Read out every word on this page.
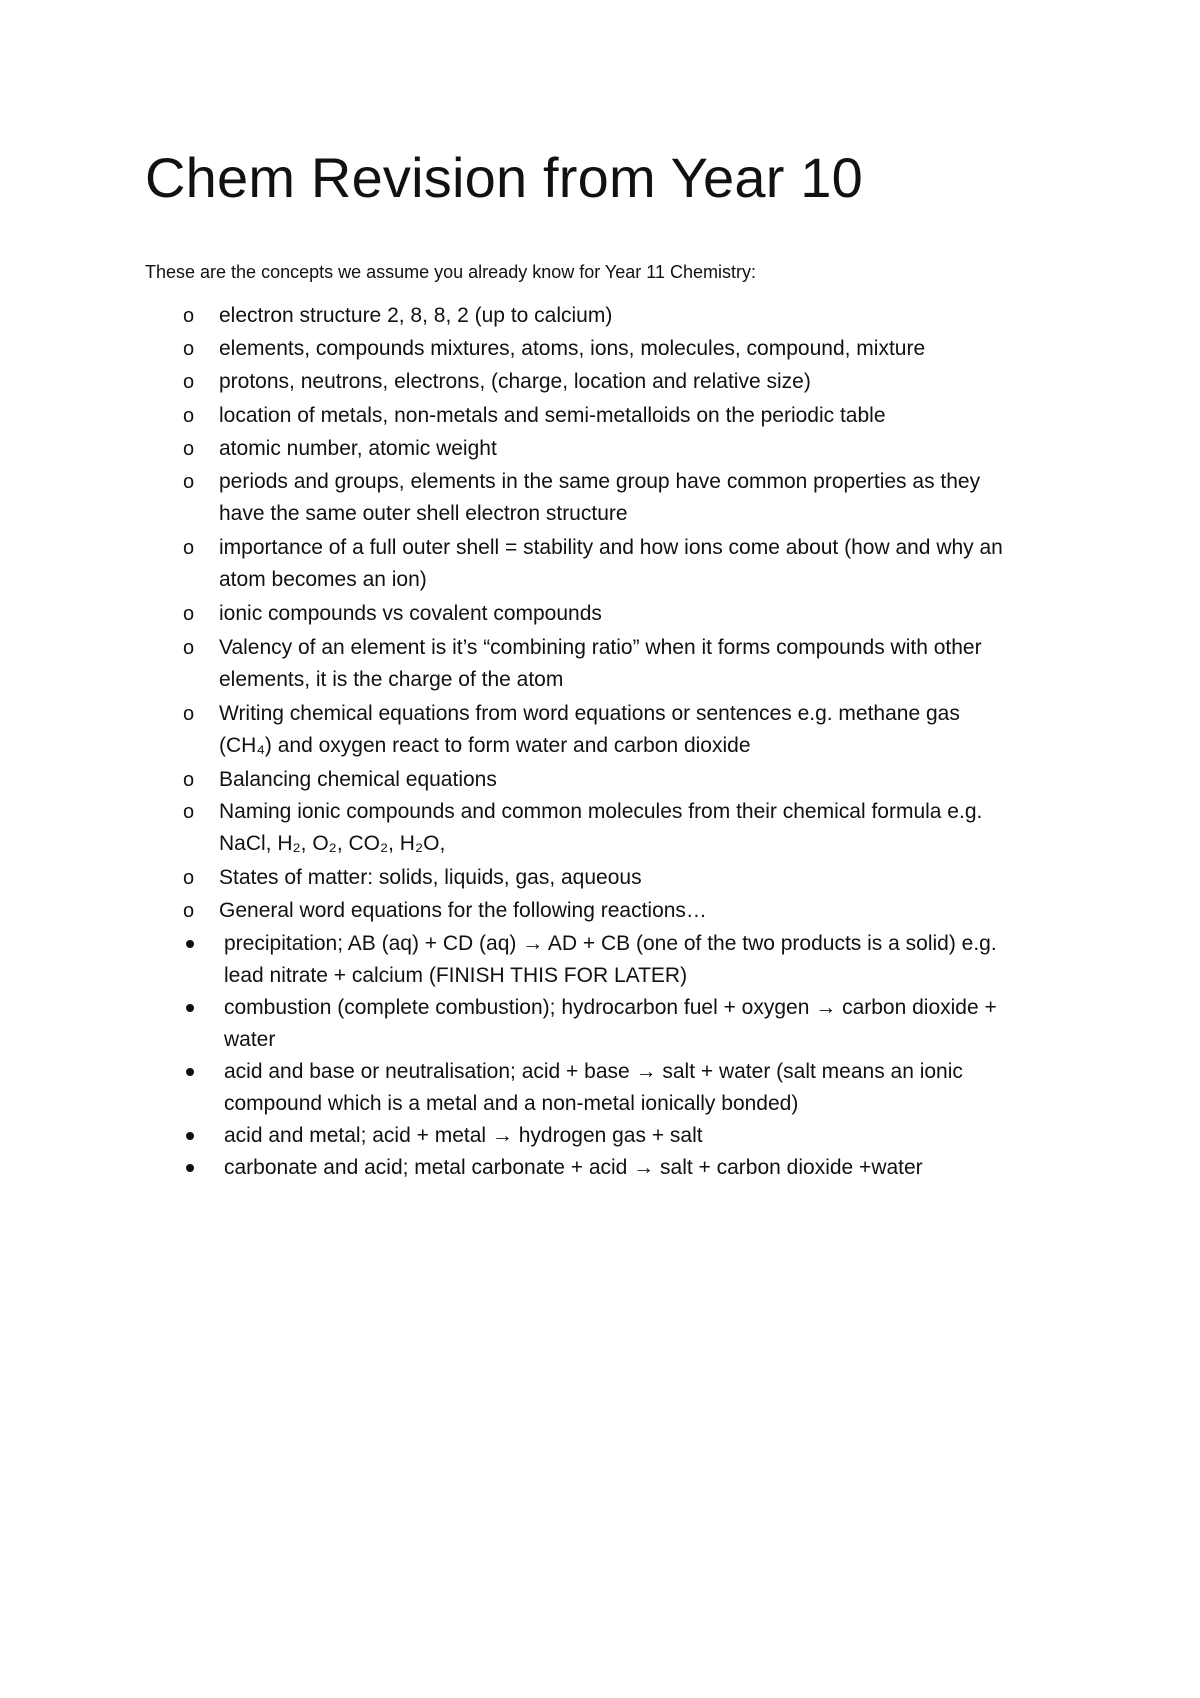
Chem Revision from Year 10

These are the concepts we assume you already know for Year 11 Chemistry:

o electron structure 2, 8, 8, 2 (up to calcium)
o elements, compounds mixtures, atoms, ions, molecules, compound, mixture
o protons, neutrons, electrons, (charge, location and relative size)
o location of metals, non-metals and semi-metalloids on the periodic table
o atomic number, atomic weight
o periods and groups, elements in the same group have common properties as they
have the same outer shell electron structure
o importance of a full outer shell = stability and how ions come about (how and why an
atom becomes an ion)
o ionic compounds vs covalent compounds
o Valency of an element is it’s “combining ratio” when it forms compounds with other
elements, it is the charge of the atom
o Writing chemical equations from word equations or sentences e.g. methane gas
(CH₄) and oxygen react to form water and carbon dioxide
o Balancing chemical equations
o Naming ionic compounds and common molecules from their chemical formula e.g.
NaCl, H₂, O₂, CO₂, H₂O,
o States of matter: solids, liquids, gas, aqueous
o General word equations for the following reactions…
precipitation; AB (aq) + CD (aq) → AD + CB (one of the two products is a solid) e.g.
lead nitrate + calcium (FINISH THIS FOR LATER)
combustion (complete combustion); hydrocarbon fuel + oxygen → carbon dioxide +
water
acid and base or neutralisation; acid + base → salt + water (salt means an ionic
compound which is a metal and a non-metal ionically bonded)
acid and metal; acid + metal → hydrogen gas + salt
carbonate and acid; metal carbonate + acid → salt + carbon dioxide +water
